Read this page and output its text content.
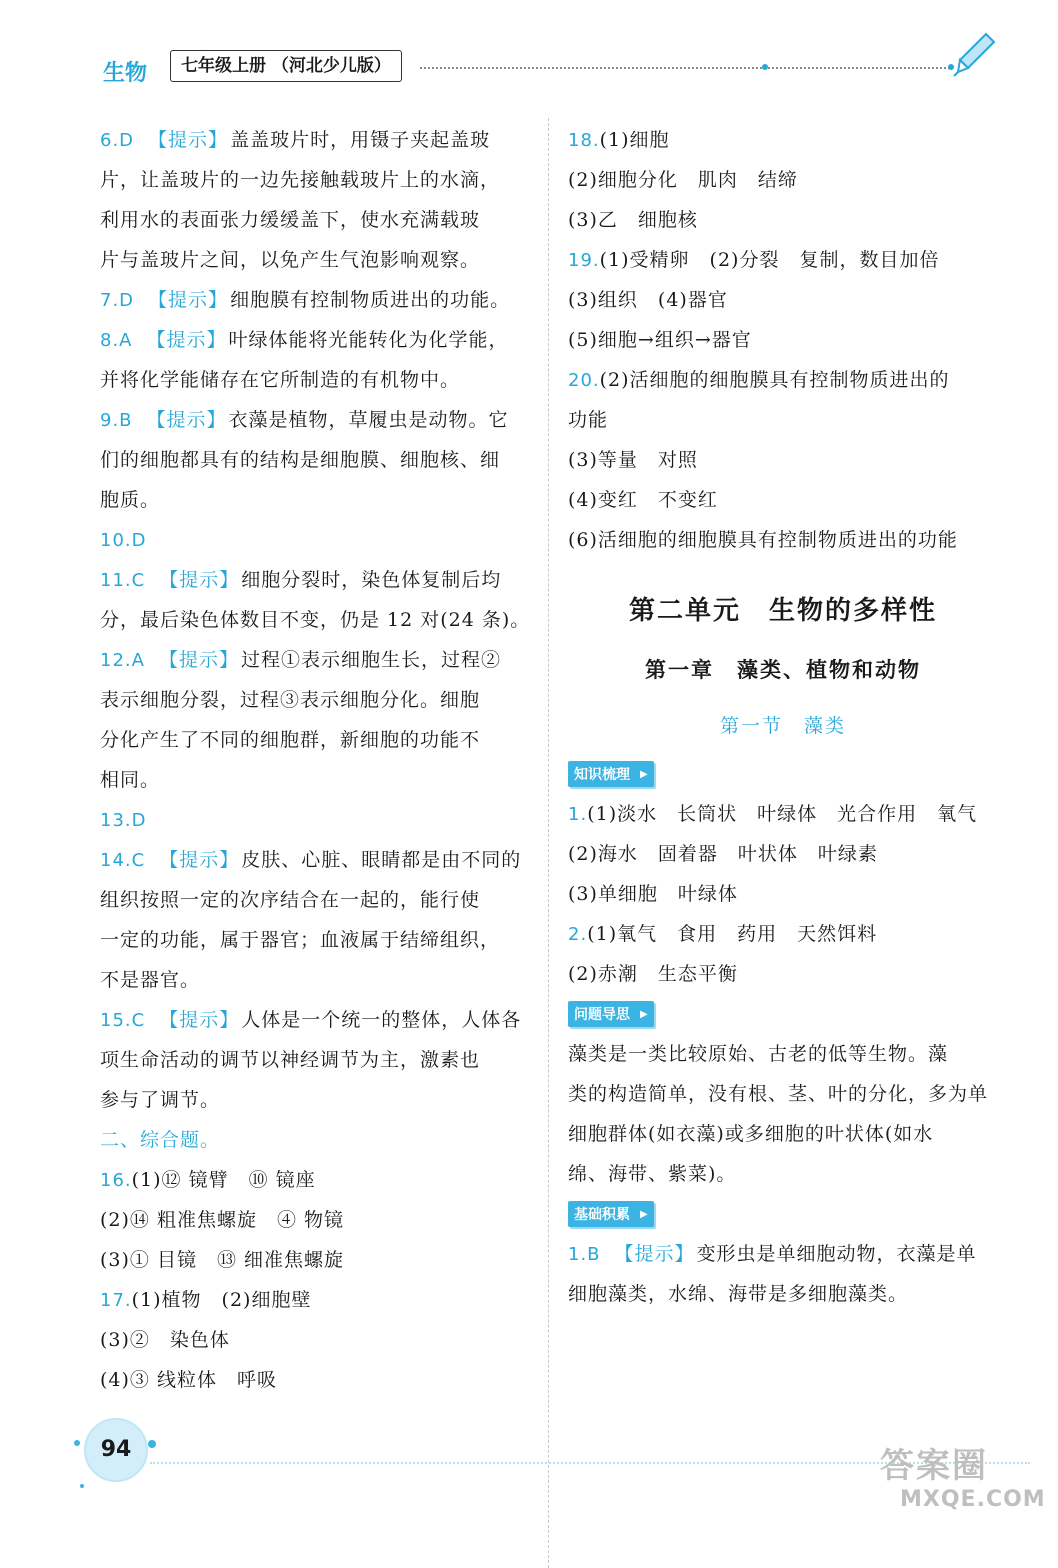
生物	七年级上册 （河北少儿版）
6.D 【提示】 盖盖玻片时，用镊子夹起盖玻
片，让盖玻片的一边先接触载玻片上的水滴，
利用水的表面张力缓缓盖下，使水充满载玻
片与盖玻片之间，以免产生气泡影响观察。
7.D 【提示】 细胞膜有控制物质进出的功能。
8.A 【提示】 叶绿体能将光能转化为化学能，
并将化学能储存在它所制造的有机物中。
9.B 【提示】 衣藻是植物，草履虫是动物。它
们的细胞都具有的结构是细胞膜、细胞核、细
胞质。
10.D
11.C 【提示】 细胞分裂时，染色体复制后均
分，最后染色体数目不变，仍是 12 对(24 条)。
12.A 【提示】 过程①表示细胞生长，过程②
表示细胞分裂，过程③表示细胞分化。细胞
分化产生了不同的细胞群，新细胞的功能不
相同。
13.D
14.C 【提示】 皮肤、心脏、眼睛都是由不同的
组织按照一定的次序结合在一起的，能行使
一定的功能，属于器官；血液属于结缔组织，
不是器官。
15.C 【提示】 人体是一个统一的整体，人体各
项生命活动的调节以神经调节为主，激素也
参与了调节。
二、综合题。
16.(1)⑫ 镜臂　⑩ 镜座
(2)⑭ 粗准焦螺旋　④ 物镜
(3)① 目镜　⑬ 细准焦螺旋
17.(1)植物　(2)细胞壁
(3)②　染色体
(4)③ 线粒体　呼吸
18.(1)细胞
(2)细胞分化　肌肉　结缔
(3)乙　细胞核
19.(1)受精卵　(2)分裂　复制，数目加倍
(3)组织　(4)器官
(5)细胞→组织→器官
20.(2)活细胞的细胞膜具有控制物质进出的
功能
(3)等量　对照
(4)变红　不变红
(6)活细胞的细胞膜具有控制物质进出的功能
第二单元　生物的多样性
第一章　藻类、植物和动物
第一节　藻类
知识梳理 ▶
1.(1)淡水　长筒状　叶绿体　光合作用　氧气
(2)海水　固着器　叶状体　叶绿素
(3)单细胞　叶绿体
2.(1)氧气　食用　药用　天然饵料
(2)赤潮　生态平衡
问题导思 ▶
藻类是一类比较原始、古老的低等生物。藻
类的构造简单，没有根、茎、叶的分化，多为单
细胞群体(如衣藻)或多细胞的叶状体(如水
绵、海带、紫菜)。
基础积累 ▶
1.B 【提示】 变形虫是单细胞动物，衣藻是单
细胞藻类，水绵、海带是多细胞藻类。
94	答案圈
MXQE.COM
